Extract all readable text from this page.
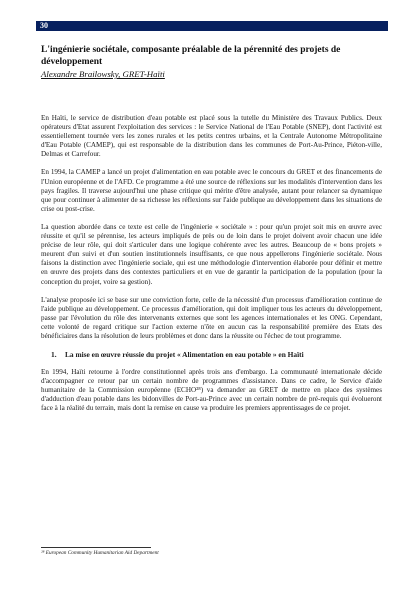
30

L'ingénierie sociétale, composante préalable de la pérennité des projets de développement

Alexandre Brailowsky, GRET-Haïti

En Haïti, le service de distribution d'eau potable est placé sous la tutelle du Ministère des Travaux Publics. Deux opérateurs d'Etat assurent l'exploitation des services : le Service National de l'Eau Potable (SNEP), dont l'activité est essentiellement tournée vers les zones rurales et les petits centres urbains, et la Centrale Autonome Métropolitaine d'Eau Potable (CAMEP), qui est responsable de la distribution dans les communes de Port-Au-Prince, Piéton-ville, Delmas et Carrefour.

En 1994, la CAMEP a lancé un projet d'alimentation en eau potable avec le concours du GRET et des financements de l'Union européenne et de l'AFD. Ce programme a été une source de réflexions sur les modalités d'intervention dans les pays fragiles. Il traverse aujourd'hui une phase critique qui mérite d'être analysée, autant pour relancer sa dynamique que pour continuer à alimenter de sa richesse les réflexions sur l'aide publique au développement dans les situations de crise ou post-crise.

La question abordée dans ce texte est celle de l'ingénierie « sociétale » : pour qu'un projet soit mis en œuvre avec réussite et qu'il se pérennise, les acteurs impliqués de près ou de loin dans le projet doivent avoir chacun une idée précise de leur rôle, qui doit s'articuler dans une logique cohérente avec les autres. Beaucoup de « bons projets » meurent d'un suivi et d'un soutien institutionnels insuffisants, ce que nous appellerons l'ingénierie sociétale. Nous faisons la distinction avec l'ingénierie sociale, qui est une méthodologie d'intervention élaborée pour définir et mettre en œuvre des projets dans des contextes particuliers et en vue de garantir la participation de la population (pour la conception du projet, voire sa gestion).

L'analyse proposée ici se base sur une conviction forte, celle de la nécessité d'un processus d'amélioration continue de l'aide publique au développement. Ce processus d'amélioration, qui doit impliquer tous les acteurs du développement, passe par l'évolution du rôle des intervenants externes que sont les agences internationales et les ONG. Cependant, cette volonté de regard critique sur l'action externe n'ôte en aucun cas la responsabilité première des Etats des bénéficiaires dans la résolution de leurs problèmes et donc dans la réussite ou l'échec de tout programme.

1. La mise en œuvre réussie du projet « Alimentation en eau potable » en Haïti

En 1994, Haïti retourne à l'ordre constitutionnel après trois ans d'embargo. La communauté internationale décide d'accompagner ce retour par un certain nombre de programmes d'assistance. Dans ce cadre, le Service d'aide humanitaire de la Commission européenne (ECHO²⁸) va demander au GRET de mettre en place des systèmes d'adduction d'eau potable dans les bidonvilles de Port-au-Prince avec un certain nombre de pré-requis qui évolueront face à la réalité du terrain, mais dont la remise en cause va produire les premiers apprentissages de ce projet.

²⁸ European Community Humanitarian Aid Department
